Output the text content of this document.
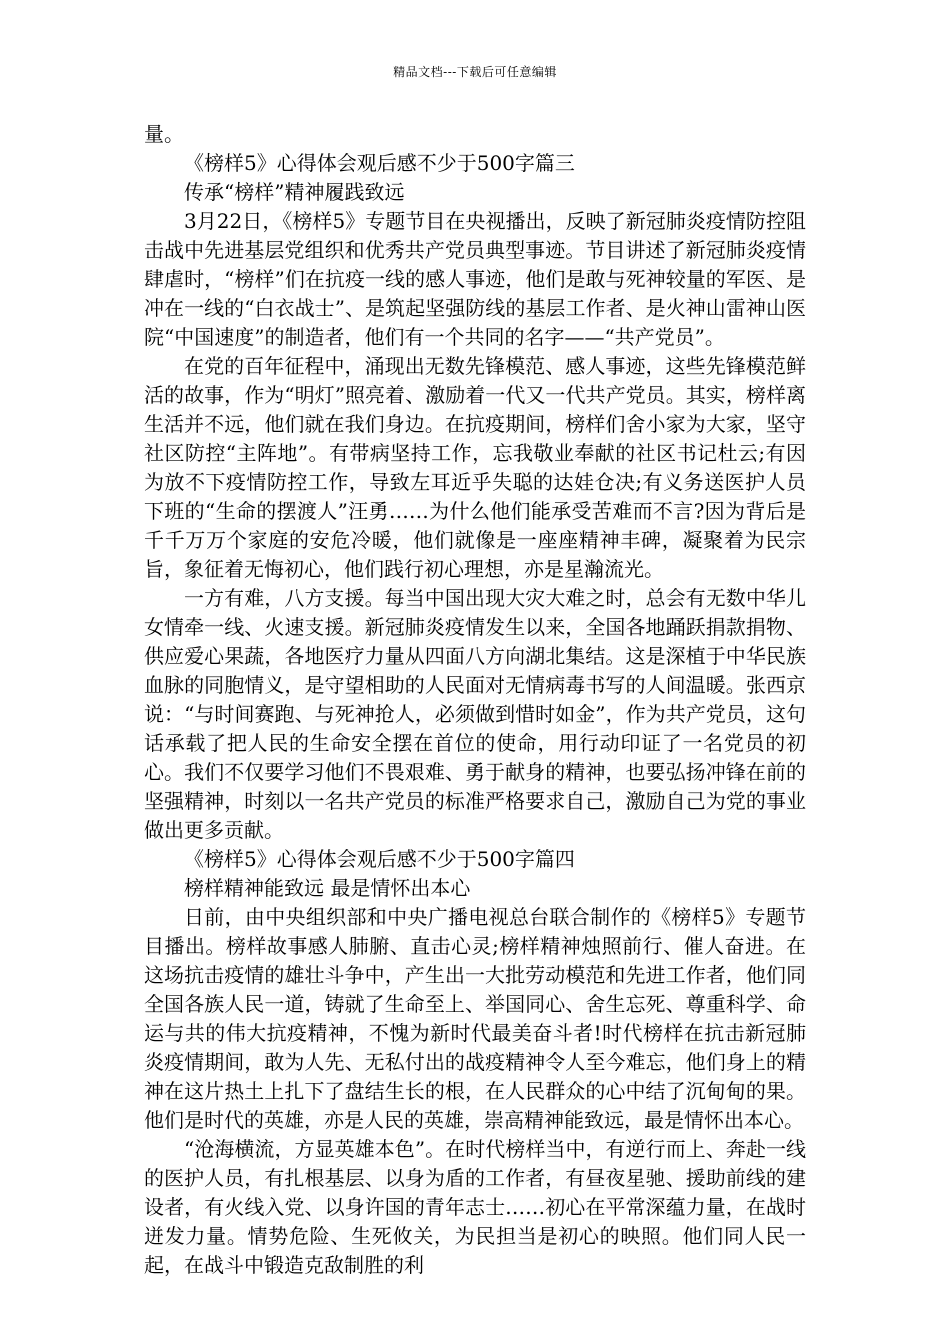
精品文档---下载后可任意编辑

量。

《榜样5》心得体会观后感不少于500字篇三

传承“榜样”精神履践致远

3月22日，《榜样5》专题节目在央视播出，反映了新冠肺炎疫情防控阻击战中先进基层党组织和优秀共产党员典型事迹。节目讲述了新冠肺炎疫情肆虐时，“榜样”们在抗疫一线的感人事迹，他们是敢与死神较量的军医、是冲在一线的“白衣战士”、是筑起坚强防线的基层工作者、是火神山雷神山医院“中国速度”的制造者，他们有一个共同的名字——“共产党员”。

在党的百年征程中，涌现出无数先锋模范、感人事迹，这些先锋模范鲜活的故事，作为“明灯”照亮着、激励着一代又一代共产党员。其实，榜样离生活并不远，他们就在我们身边。在抗疫期间，榜样们舍小家为大家，坚守社区防控“主阵地”。有带病坚持工作，忘我敬业奉献的社区书记杜云;有因为放不下疫情防控工作，导致左耳近乎失聪的达娃仓决;有义务送医护人员下班的“生命的摆渡人”汪勇……为什么他们能承受苦难而不言?因为背后是千千万万个家庭的安危冷暖，他们就像是一座座精神丰碑，凝聚着为民宗旨，象征着无悔初心，他们践行初心理想，亦是星瀚流光。

一方有难，八方支援。每当中国出现大灾大难之时，总会有无数中华儿女情牵一线、火速支援。新冠肺炎疫情发生以来，全国各地踊跃捐款捐物、供应爱心果蔬，各地医疗力量从四面八方向湖北集结。这是深植于中华民族血脉的同胞情义，是守望相助的人民面对无情病毒书写的人间温暖。张西京说：“与时间赛跑、与死神抢人，必须做到惜时如金”，作为共产党员，这句话承载了把人民的生命安全摆在首位的使命，用行动印证了一名党员的初心。我们不仅要学习他们不畏艰难、勇于献身的精神，也要弘扬冲锋在前的坚强精神，时刻以一名共产党员的标准严格要求自己，激励自己为党的事业做出更多贡献。

《榜样5》心得体会观后感不少于500字篇四

榜样精神能致远 最是情怀出本心

日前，由中央组织部和中央广播电视总台联合制作的《榜样5》专题节目播出。榜样故事感人肺腑、直击心灵;榜样精神烛照前行、催人奋进。在这场抗击疫情的雄壮斗争中，产生出一大批劳动模范和先进工作者，他们同全国各族人民一道，铸就了生命至上、举国同心、舍生忘死、尊重科学、命运与共的伟大抗疫精神，不愧为新时代最美奋斗者!时代榜样在抗击新冠肺炎疫情期间，敢为人先、无私付出的战疫精神令人至今难忘，他们身上的精神在这片热土上扎下了盘结生长的根，在人民群众的心中结了沉甸甸的果。他们是时代的英雄，亦是人民的英雄，崇高精神能致远，最是情怀出本心。

“沧海横流，方显英雄本色”。在时代榜样当中，有逆行而上、奔赴一线的医护人员，有扎根基层、以身为盾的工作者，有昼夜星驰、援助前线的建设者，有火线入党、以身许国的青年志士……初心在平常深蕴力量，在战时迸发力量。情势危险、生死攸关，为民担当是初心的映照。他们同人民一起，在战斗中锻造克敌制胜的利
